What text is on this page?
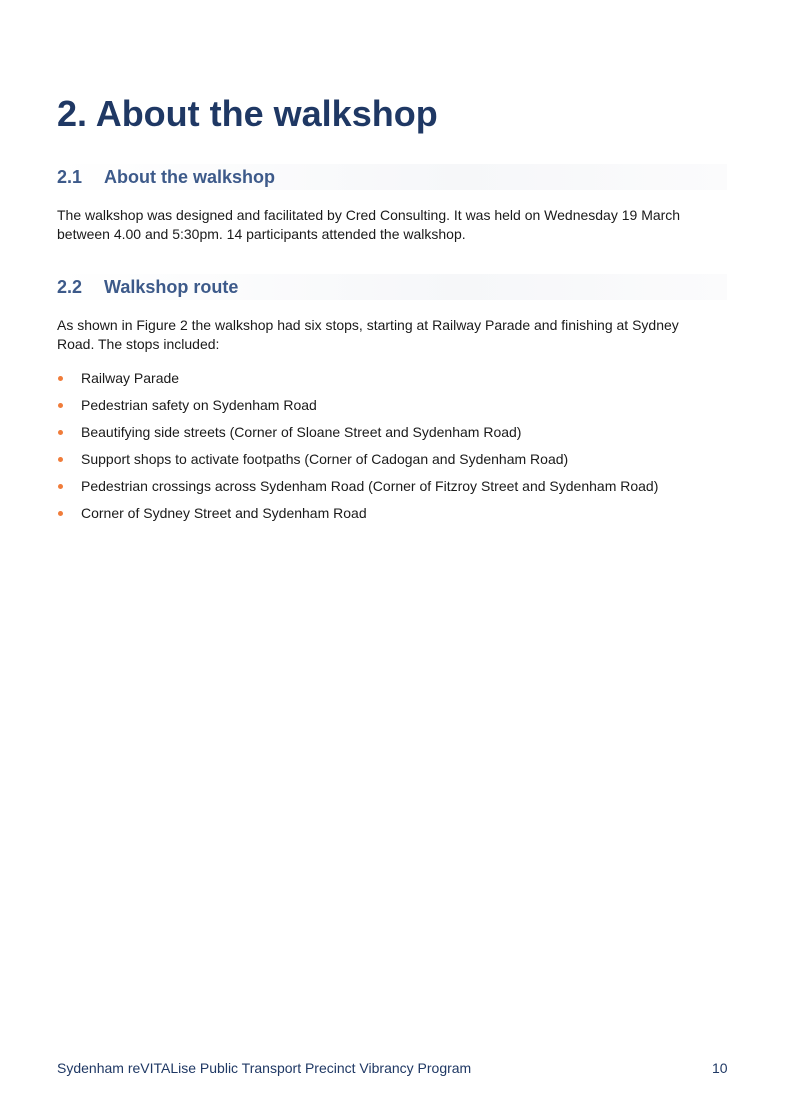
2. About the walkshop
2.1 About the walkshop

The walkshop was designed and facilitated by Cred Consulting. It was held on Wednesday 19 March between 4.00 and 5:30pm. 14 participants attended the walkshop.

2.2 Walkshop route

As shown in Figure 2 the walkshop had six stops, starting at Railway Parade and finishing at Sydney Road. The stops included:

Railway Parade
Pedestrian safety on Sydenham Road
Beautifying side streets (Corner of Sloane Street and Sydenham Road)
Support shops to activate footpaths (Corner of Cadogan and Sydenham Road)
Pedestrian crossings across Sydenham Road (Corner of Fitzroy Street and Sydenham Road)
Corner of Sydney Street and Sydenham Road
Sydenham reVITALise Public Transport Precinct Vibrancy Program	10
